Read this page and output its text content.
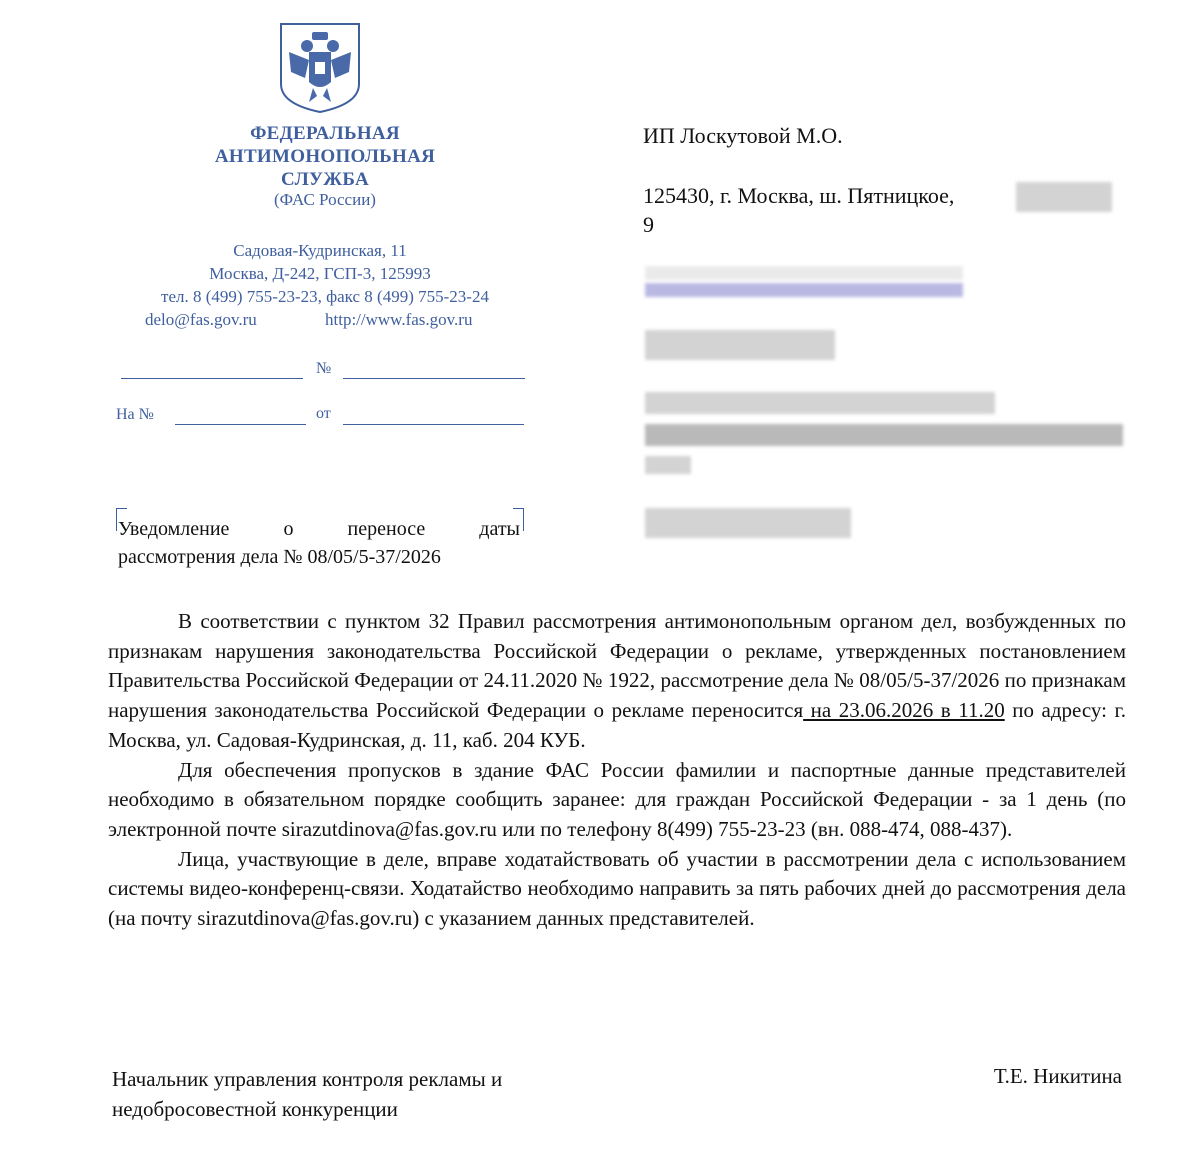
ФЕДЕРАЛЬНАЯ
АНТИМОНОПОЛЬНАЯ
СЛУЖБА
(ФАС России)
Садовая-Кудринская, 11
Москва, Д-242, ГСП-3, 125993
тел. 8 (499) 755-23-23, факс 8 (499) 755-23-24
delo@fas.gov.ru	http://www.fas.gov.ru
№
На №	от
Уведомление о переносе даты
рассмотрения дела № 08/05/5-37/2026
ИП Лоскутовой М.О.
125430, г. Москва, ш. Пятницкое,
9

В соответствии с пунктом 32 Правил рассмотрения антимонопольным органом дел, возбужденных по признакам нарушения законодательства Российской Федерации о рекламе, утвержденных постановлением Правительства Российской Федерации от 24.11.2020 № 1922, рассмотрение дела № 08/05/5-37/2026 по признакам нарушения законодательства Российской Федерации о рекламе переносится на 23.06.2026 в 11.20 по адресу: г. Москва, ул. Садовая-Кудринская, д. 11, каб. 204 КУБ.

Для обеспечения пропусков в здание ФАС России фамилии и паспортные данные представителей необходимо в обязательном порядке сообщить заранее: для граждан Российской Федерации - за 1 день (по электронной почте sirazutdinova@fas.gov.ru или по телефону 8(499) 755-23-23 (вн. 088-474, 088-437).

Лица, участвующие в деле, вправе ходатайствовать об участии в рассмотрении дела с использованием системы видео-конференц-связи. Ходатайство необходимо направить за пять рабочих дней до рассмотрения дела (на почту sirazutdinova@fas.gov.ru) с указанием данных представителей.

Начальник управления контроля рекламы и
недобросовестной конкуренции
Т.Е. Никитина
